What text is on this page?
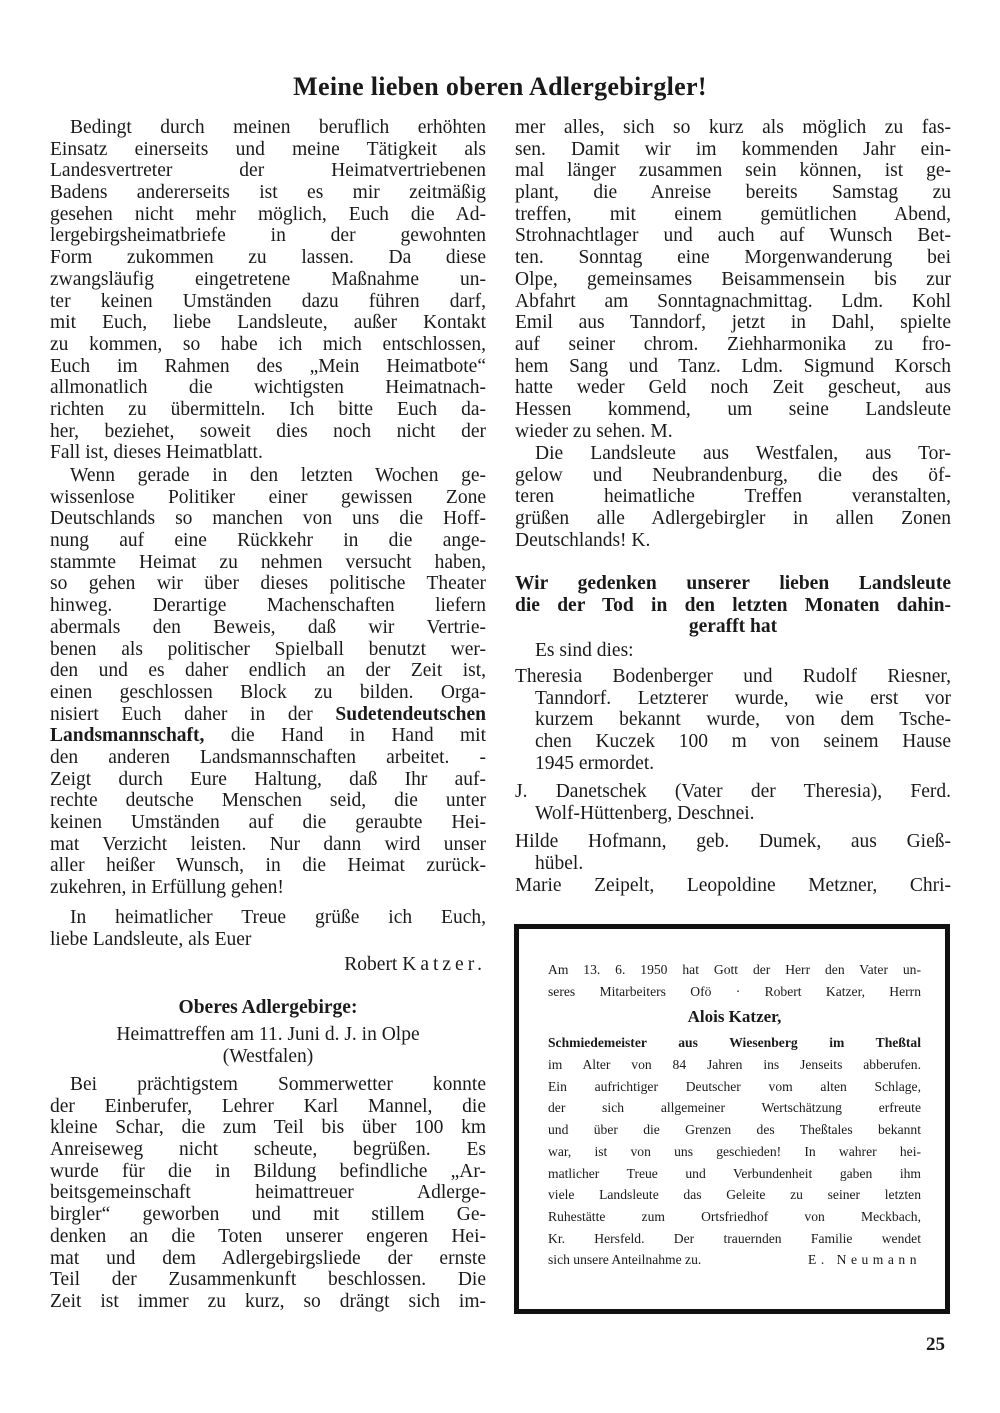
Meine lieben oberen Adlergebirgler!
Bedingt durch meinen beruflich erhöhten
Einsatz einerseits und meine Tätigkeit als
Landesvertreter der Heimatvertriebenen
Badens andererseits ist es mir zeitmäßig
gesehen nicht mehr möglich, Euch die Ad-
lergebirgsheimatbriefe in der gewohnten
Form zukommen zu lassen. Da diese
zwangsläufig eingetretene Maßnahme un-
ter keinen Umständen dazu führen darf,
mit Euch, liebe Landsleute, außer Kontakt
zu kommen, so habe ich mich entschlossen,
Euch im Rahmen des „Mein Heimatbote“
allmonatlich die wichtigsten Heimatnach-
richten zu übermitteln. Ich bitte Euch da-
her, beziehet, soweit dies noch nicht der
Fall ist, dieses Heimatblatt.
Wenn gerade in den letzten Wochen ge-
wissenlose Politiker einer gewissen Zone
Deutschlands so manchen von uns die Hoff-
nung auf eine Rückkehr in die ange-
stammte Heimat zu nehmen versucht haben,
so gehen wir über dieses politische Theater
hinweg. Derartige Machenschaften liefern
abermals den Beweis, daß wir Vertrie-
benen als politischer Spielball benutzt wer-
den und es daher endlich an der Zeit ist,
einen geschlossen Block zu bilden. Orga-
nisiert Euch daher in der Sudetendeutschen
Landsmannschaft, die Hand in Hand mit
den anderen Landsmannschaften arbeitet. -
Zeigt durch Eure Haltung, daß Ihr auf-
rechte deutsche Menschen seid, die unter
keinen Umständen auf die geraubte Hei-
mat Verzicht leisten. Nur dann wird unser
aller heißer Wunsch, in die Heimat zurück-
zukehren, in Erfüllung gehen!
In heimatlicher Treue grüße ich Euch,
liebe Landsleute, als Euer
Robert Katzer.
Oberes Adlergebirge:
Heimattreffen am 11. Juni d. J. in Olpe
(Westfalen)
Bei prächtigstem Sommerwetter konnte
der Einberufer, Lehrer Karl Mannel, die
kleine Schar, die zum Teil bis über 100 km
Anreiseweg nicht scheute, begrüßen. Es
wurde für die in Bildung befindliche „Ar-
beitsgemeinschaft heimattreuer Adlerge-
birgler“ geworben und mit stillem Ge-
denken an die Toten unserer engeren Hei-
mat und dem Adlergebirgsliede der ernste
Teil der Zusammenkunft beschlossen. Die
Zeit ist immer zu kurz, so drängt sich im-
mer alles, sich so kurz als möglich zu fas-
sen. Damit wir im kommenden Jahr ein-
mal länger zusammen sein können, ist ge-
plant, die Anreise bereits Samstag zu
treffen, mit einem gemütlichen Abend,
Strohnachtlager und auch auf Wunsch Bet-
ten. Sonntag eine Morgenwanderung bei
Olpe, gemeinsames Beisammensein bis zur
Abfahrt am Sonntagnachmittag. Ldm. Kohl
Emil aus Tanndorf, jetzt in Dahl, spielte
auf seiner chrom. Ziehharmonika zu fro-
hem Sang und Tanz. Ldm. Sigmund Korsch
hatte weder Geld noch Zeit gescheut, aus
Hessen kommend, um seine Landsleute
wieder zu sehen. M.
Die Landsleute aus Westfalen, aus Tor-
gelow und Neubrandenburg, die des öf-
teren heimatliche Treffen veranstalten,
grüßen alle Adlergebirgler in allen Zonen
Deutschlands! K.
Wir gedenken unserer lieben Landsleute
die der Tod in den letzten Monaten dahin-
gerafft hat
Es sind dies:
Theresia Bodenberger und Rudolf Riesner,
Tanndorf. Letzterer wurde, wie erst vor
kurzem bekannt wurde, von dem Tsche-
chen Kuczek 100 m von seinem Hause
1945 ermordet.
J. Danetschek (Vater der Theresia), Ferd.
Wolf-Hüttenberg, Deschnei.
Hilde Hofmann, geb. Dumek, aus Gieß-
hübel.
Marie Zeipelt, Leopoldine Metzner, Chri-
Am 13. 6. 1950 hat Gott der Herr den Vater un-
seres Mitarbeiters Ofö · Robert Katzer, Herrn
Alois Katzer,
Schmiedemeister aus Wiesenberg im Theßtal
im Alter von 84 Jahren ins Jenseits abberufen.
Ein aufrichtiger Deutscher vom alten Schlage,
der sich allgemeiner Wertschätzung erfreute
und über die Grenzen des Theßtales bekannt
war, ist von uns geschieden! In wahrer hei-
matlicher Treue und Verbundenheit gaben ihm
viele Landsleute das Geleite zu seiner letzten
Ruhestätte zum Ortsfriedhof von Meckbach,
Kr. Hersfeld. Der trauernden Familie wendet
sich unsere Anteilnahme zu.	E. Neumann
25
